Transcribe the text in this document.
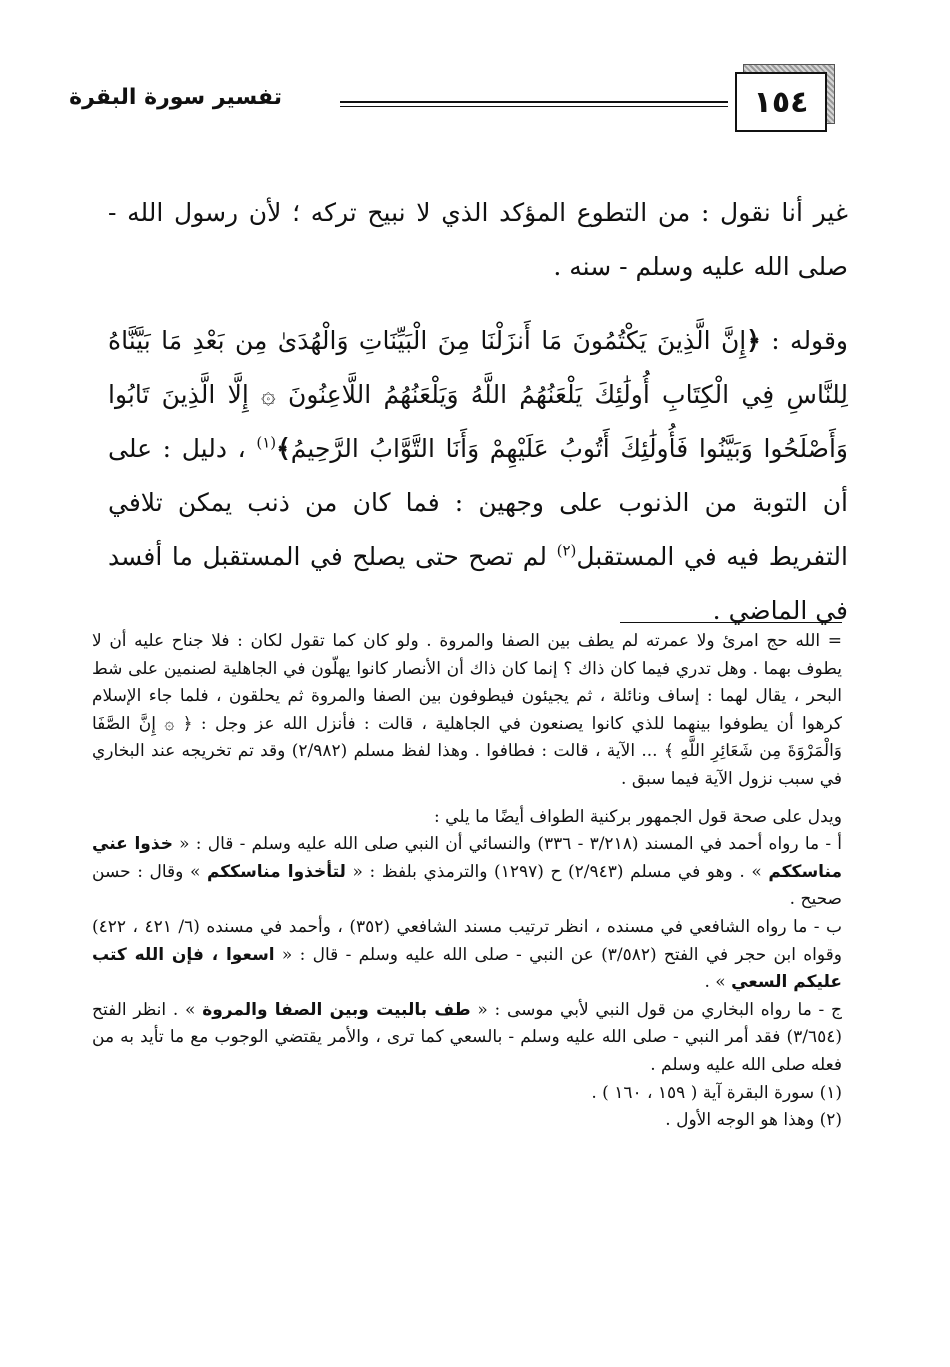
١٥٤
تفسير سورة البقرة

غير أنا نقول : من التطوع المؤكد الذي لا نبيح تركه ؛ لأن رسول الله - صلى الله عليه وسلم - سنه .

وقوله : ﴿إِنَّ الَّذِينَ يَكْتُمُونَ مَا أَنزَلْنَا مِنَ الْبَيِّنَاتِ وَالْهُدَىٰ مِن بَعْدِ مَا بَيَّنَّاهُ لِلنَّاسِ فِي الْكِتَابِ أُولَٰئِكَ يَلْعَنُهُمُ اللَّهُ وَيَلْعَنُهُمُ اللَّاعِنُونَ ۞ إِلَّا الَّذِينَ تَابُوا وَأَصْلَحُوا وَبَيَّنُوا فَأُولَٰئِكَ أَتُوبُ عَلَيْهِمْ وَأَنَا التَّوَّابُ الرَّحِيمُ﴾$^{(١)}$ ، دليل : على أن التوبة من الذنوب على وجهين : فما كان من ذنب يمكن تلافي التفريط فيه في المستقبل$^{(٢)}$ لم تصح حتى يصلح في المستقبل ما أفسد في الماضي .

= الله حج امرئ ولا عمرته لم يطف بين الصفا والمروة . ولو كان كما تقول لكان : فلا جناح عليه أن لا يطوف بهما . وهل تدري فيما كان ذاك ؟ إنما كان ذاك أن الأنصار كانوا يهلّون في الجاهلية لصنمين على شط البحر ، يقال لهما : إساف ونائلة ، ثم يجيئون فيطوفون بين الصفا والمروة ثم يحلقون ، فلما جاء الإسلام كرهوا أن يطوفوا بينهما للذي كانوا يصنعون في الجاهلية ، قالت : فأنزل الله عز وجل : ﴿ ۞ إِنَّ الصَّفَا وَالْمَرْوَةَ مِن شَعَائِرِ اللَّهِ ﴾ ... الآية ، قالت : فطافوا . وهذا لفظ مسلم (٢/٩٨٢) وقد تم تخريجه عند البخاري في سبب نزول الآية فيما سبق .

ويدل على صحة قول الجمهور بركنية الطواف أيضًا ما يلي :

أ - ما رواه أحمد في المسند (٣/٢١٨ - ٣٣٦) والنسائي أن النبي صلى الله عليه وسلم - قال : « خذوا عني مناسككم » . وهو في مسلم (٢/٩٤٣) ح (١٢٩٧) والترمذي بلفظ : « لتأخذوا مناسككم » وقال : حسن صحيح .

ب - ما رواه الشافعي في مسنده ، انظر ترتيب مسند الشافعي (٣٥٢) ، وأحمد في مسنده (٦/ ٤٢١ ، ٤٢٢) وقواه ابن حجر في الفتح (٣/٥٨٢) عن النبي - صلى الله عليه وسلم - قال : « اسعوا ، فإن الله كتب عليكم السعي » .

ج - ما رواه البخاري من قول النبي لأبي موسى : « طف بالبيت وبين الصفا والمروة » . انظر الفتح (٣/٦٥٤) فقد أمر النبي - صلى الله عليه وسلم - بالسعي كما ترى ، والأمر يقتضي الوجوب مع ما تأيد به من فعله صلى الله عليه وسلم .

(١) سورة البقرة آية ( ١٥٩ ، ١٦٠ ) .

(٢) وهذا هو الوجه الأول .
